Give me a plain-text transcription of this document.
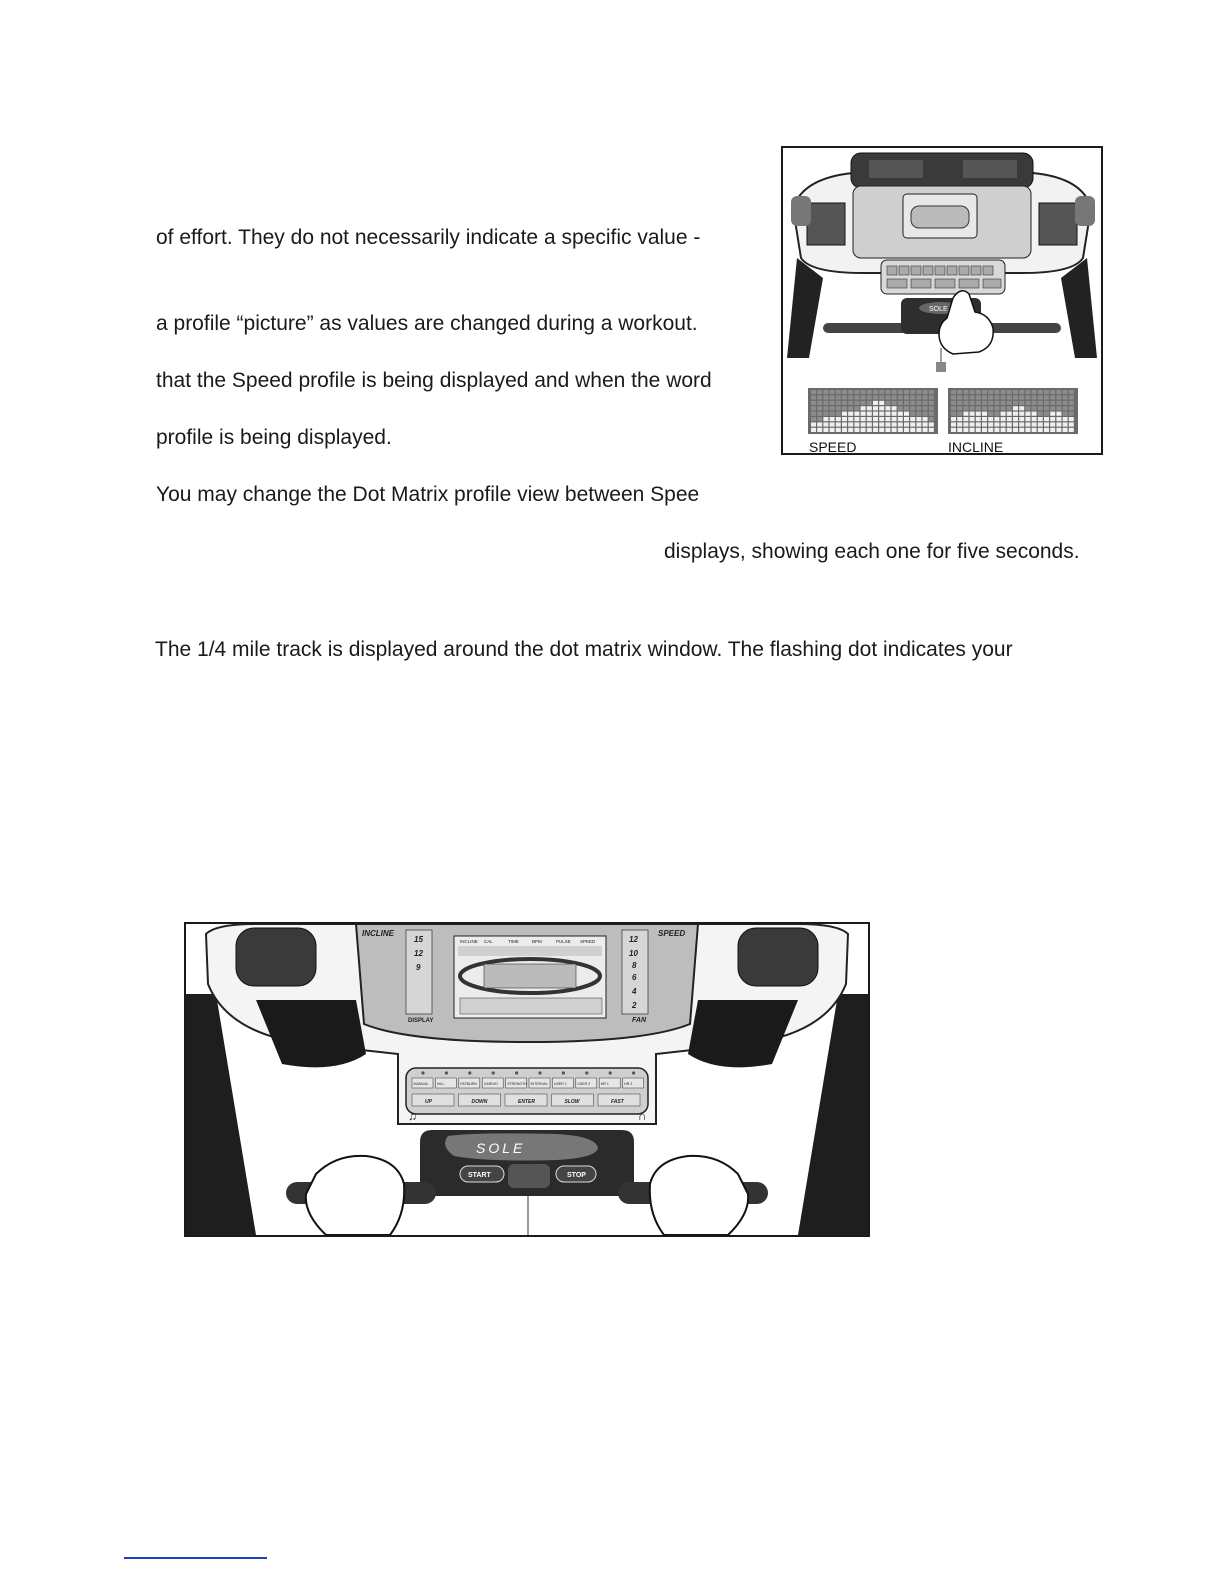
of effort. They do not necessarily indicate a specific value -
a profile “picture” as values are changed during a workout.
that the Speed profile is being displayed and when the word
profile is being displayed.
You may change the Dot Matrix profile view between Spee
displays, showing each one for five seconds.
The 1/4 mile track is displayed around the dot matrix window. The flashing dot indicates your
SOLE
SPEED	INCLINE
INCLINE	SPEED
DISPLAY	FAN
15
12
9
12
10
8
6
4
2
INCLINE CAL	TIME	BPM	PULSE SPEED
MANUAL HILL	FATBURN CARDIO	STRENGTH INTERVAL USER 1	USER 2	HR 1	HR 2
UP	DOWN	ENTER	SLOW	FAST
SOLE
START	STOP
♫	∩
